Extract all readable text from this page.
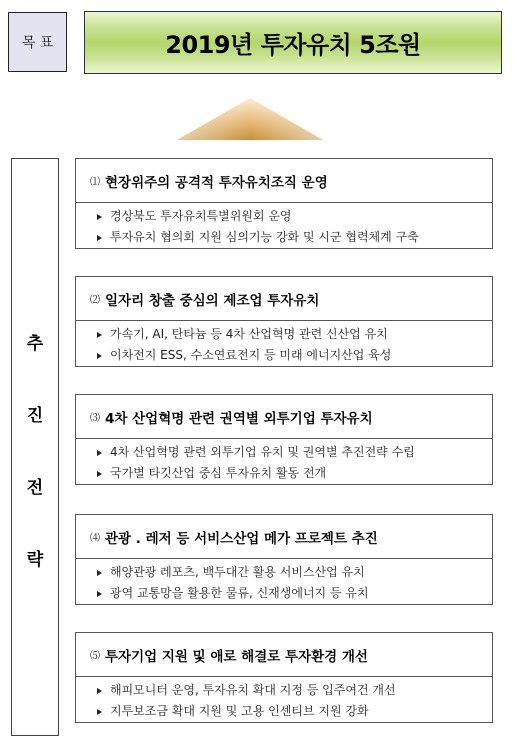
목 표	2019년 투자유치 5조원
추
진
전
략
⑴ 현장위주의 공격적 투자유치조직 운영
경상북도 투자유치특별위원회 운영
투자유치 협의회 지원 심의기능 강화 및 시군 협력체계 구축
⑵ 일자리 창출 중심의 제조업 투자유치
가속기, AI, 탄타늄 등 4차 산업혁명 관련 신산업 유치
이차전지 ESS, 수소연료전지 등 미래 에너지산업 육성
⑶ 4차 산업혁명 관련 권역별 외투기업 투자유치
4차 산업혁명 관련 외투기업 유치 및 권역별 추진전략 수립
국가별 타깃산업 중심 투자유치 활동 전개
⑷ 관광 . 레저 등 서비스산업 메가 프로젝트 추진
해양관광 레포츠, 백두대간 활용 서비스산업 유치
광역 교통망을 활용한 물류, 신재생에너지 등 유치
⑸ 투자기업 지원 및 애로 해결로 투자환경 개선
해피모니터 운영, 투자유치 확대 지정 등 입주여건 개선
지투보조금 확대 지원 및 고용 인센티브 지원 강화
